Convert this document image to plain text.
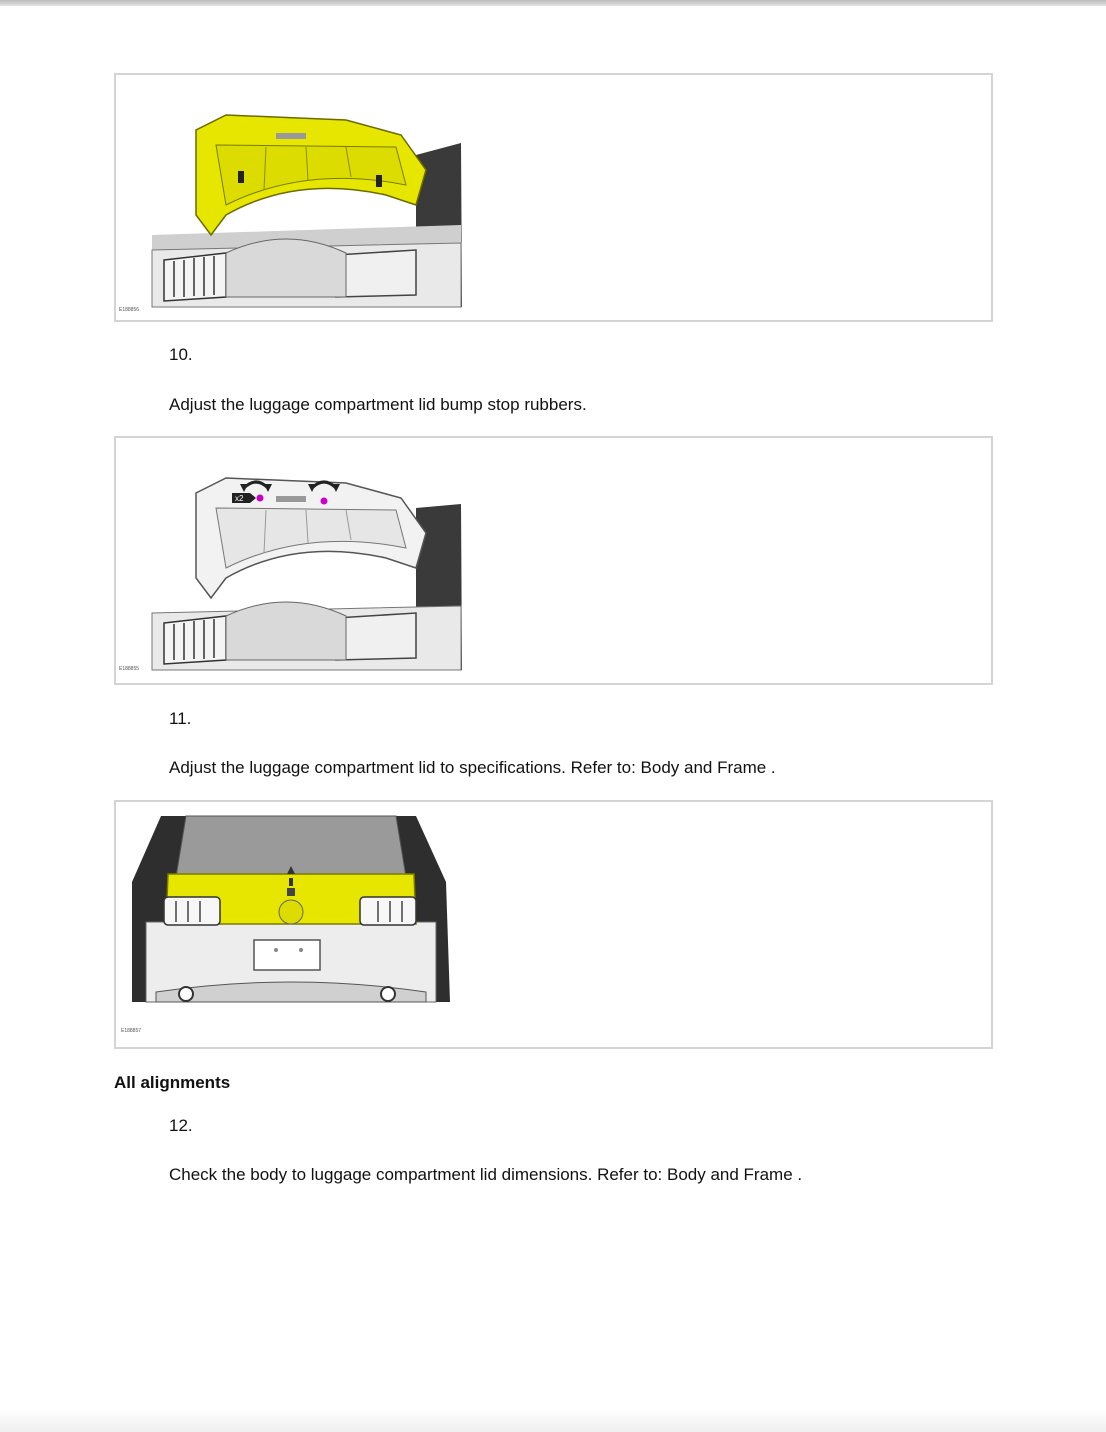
E188856
10.
Adjust the luggage compartment lid bump stop rubbers.
x2
E188855
11.
Adjust the luggage compartment lid to specifications. Refer to: Body and Frame .
E188857
All alignments
12.
Check the body to luggage compartment lid dimensions. Refer to: Body and Frame .
